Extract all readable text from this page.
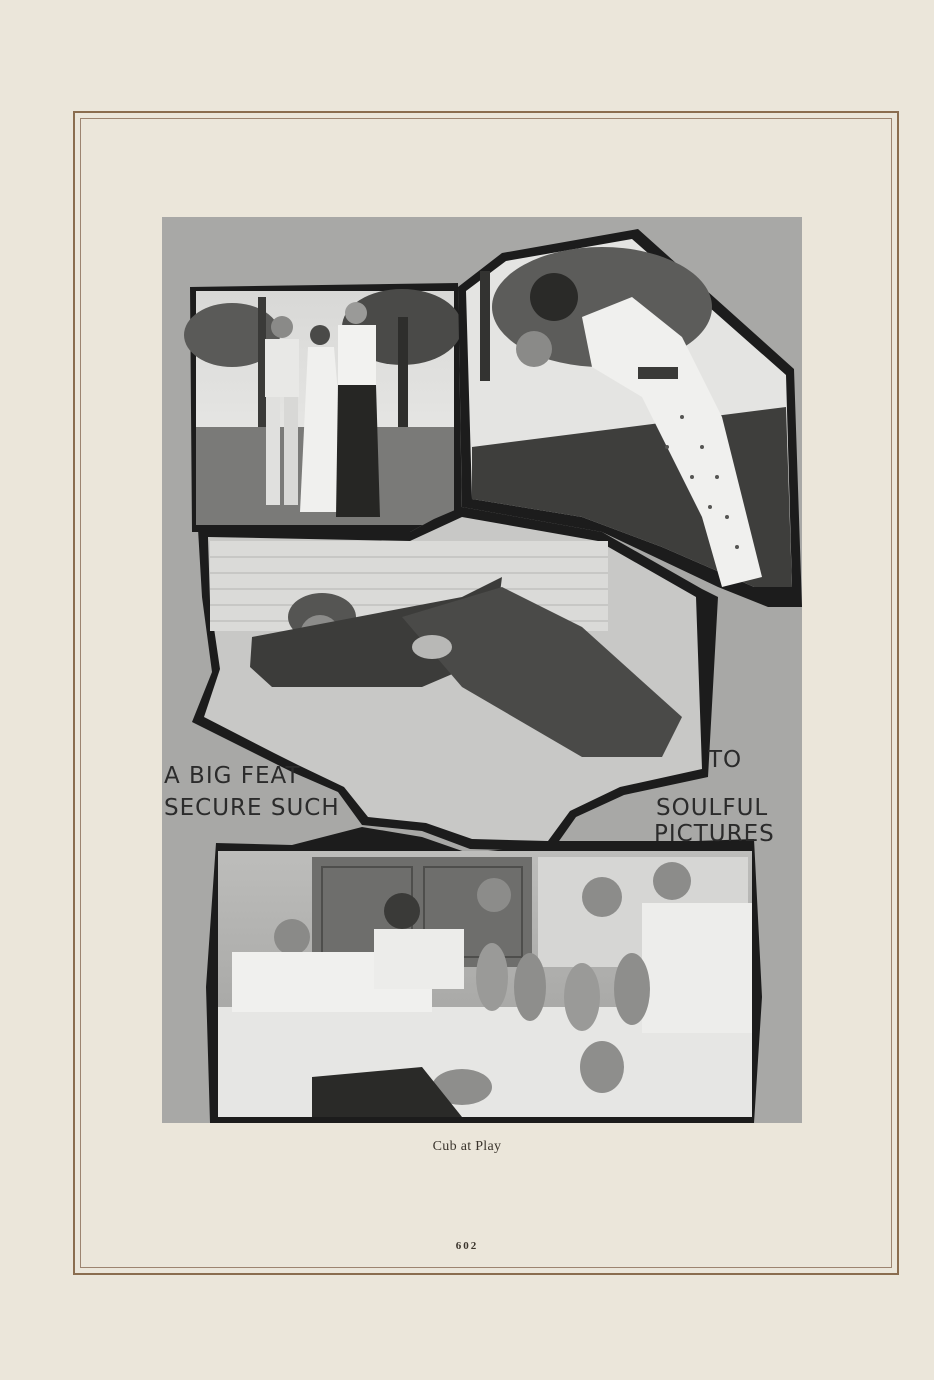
A BIG FEAT
SECURE SUCH
TO
SOULFUL
PICTURES
Cub at Play
602
